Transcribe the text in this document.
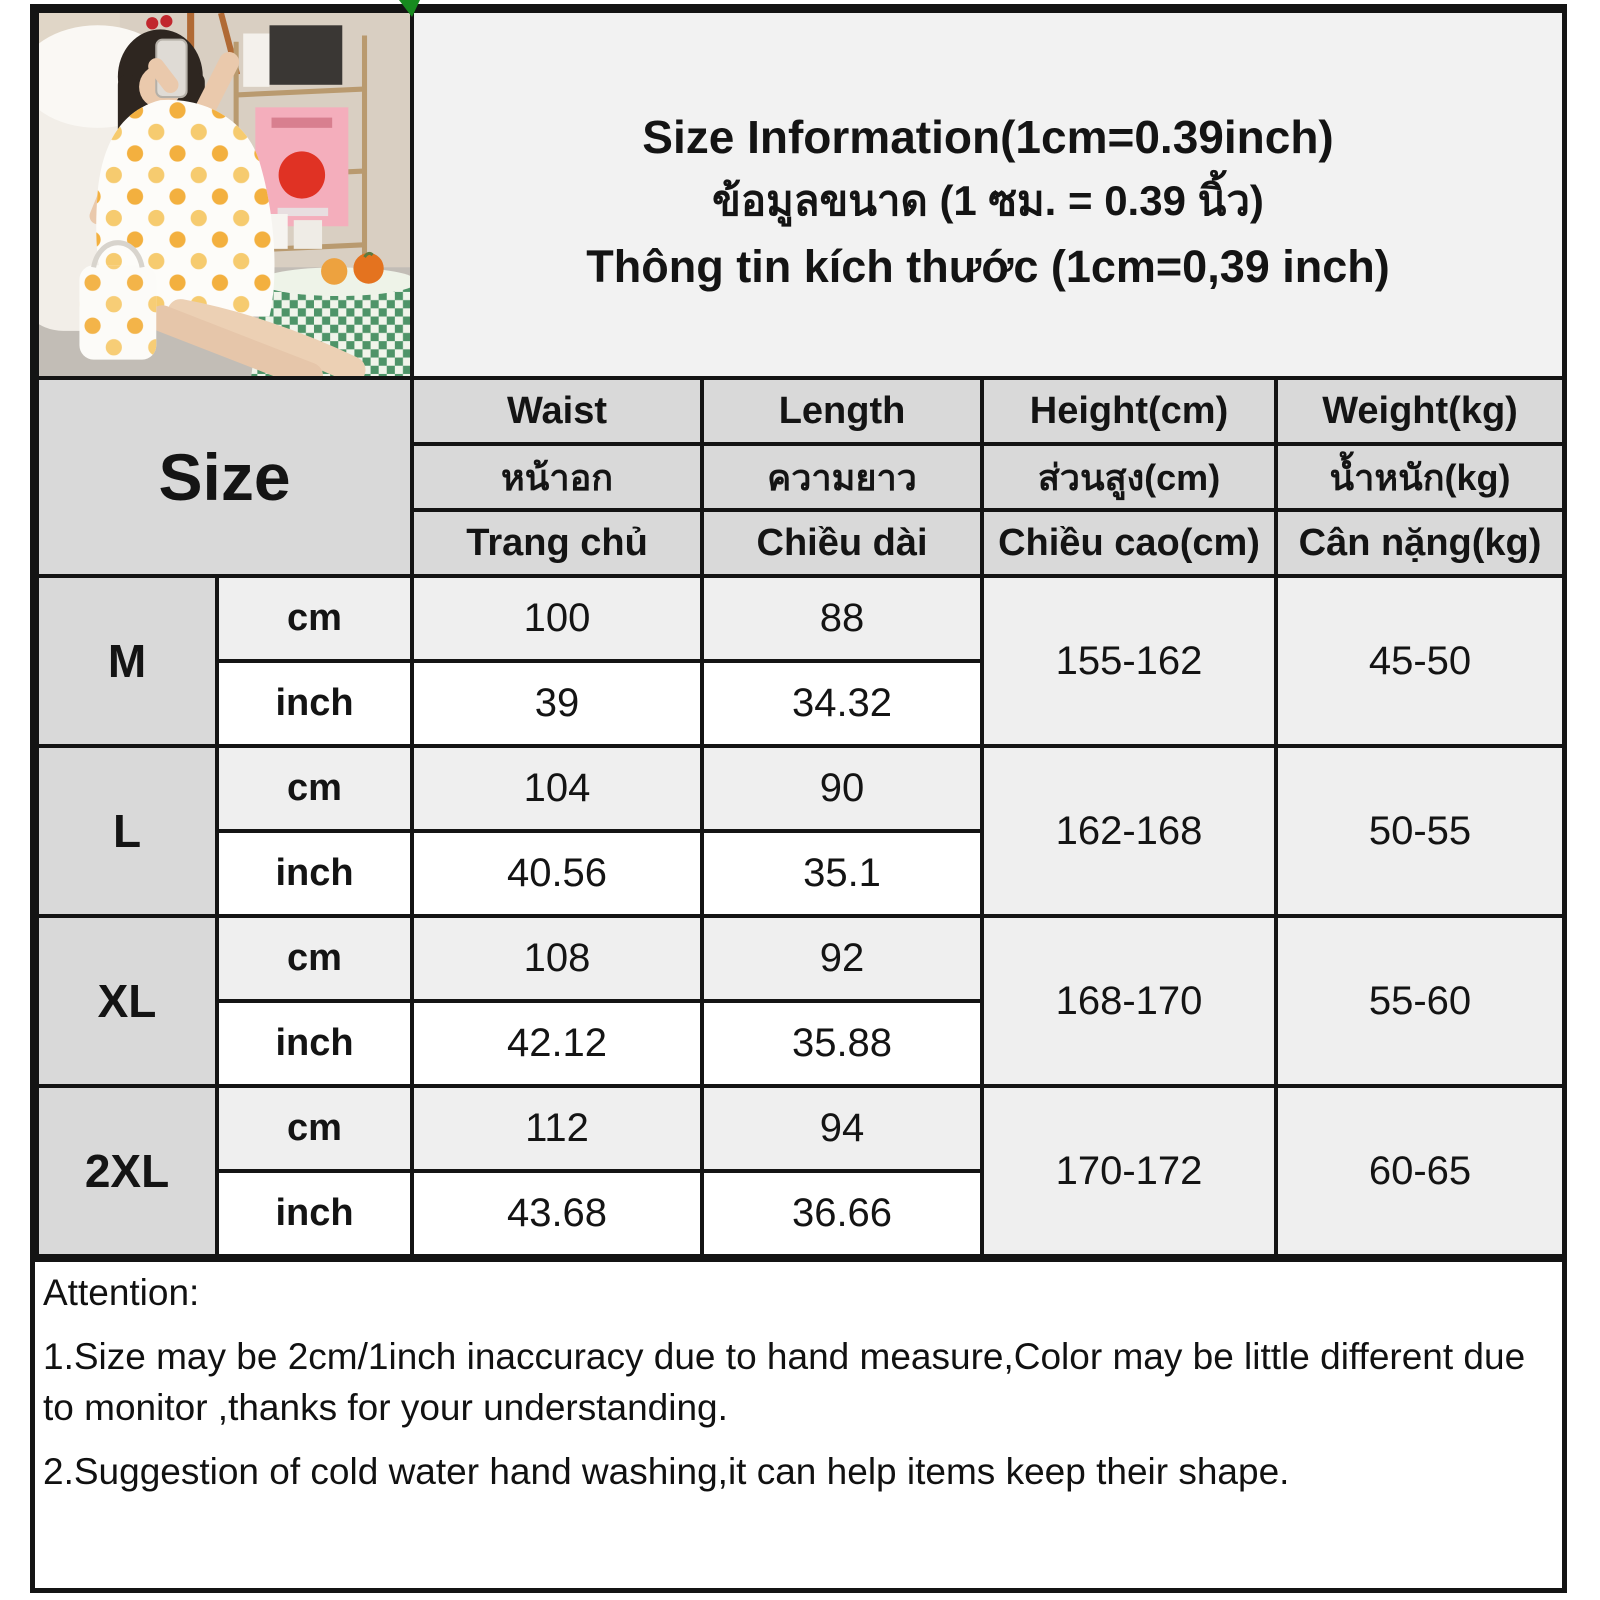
Size Information(1cm=0.39inch)
ข้อมูลขนาด (1 ซม. = 0.39 นิ้ว)
Thông tin kích thước (1cm=0,39 inch)			

Size		Waist	Length	Height(cm)	Weight(kg)
		หน้าอก	ความยาว	ส่วนสูง(cm)	น้ำหนัก(kg)
		Trang chủ	Chiều dài	Chiều cao(cm)	Cân nặng(kg)
M	cm	100	88	155-162	45-50
	inch	39	34.32		
L	cm	104	90	162-168	50-55
	inch	40.56	35.1		
XL	cm	108	92	168-170	55-60
	inch	42.12	35.88		
2XL	cm	112	94	170-172	60-65
	inch	43.68	36.66		
Attention:
1.Size may be 2cm/1inch inaccuracy due to hand measure,Color may be little different due to monitor ,thanks for your understanding.
2.Suggestion of cold water hand washing,it can help items keep their shape.
